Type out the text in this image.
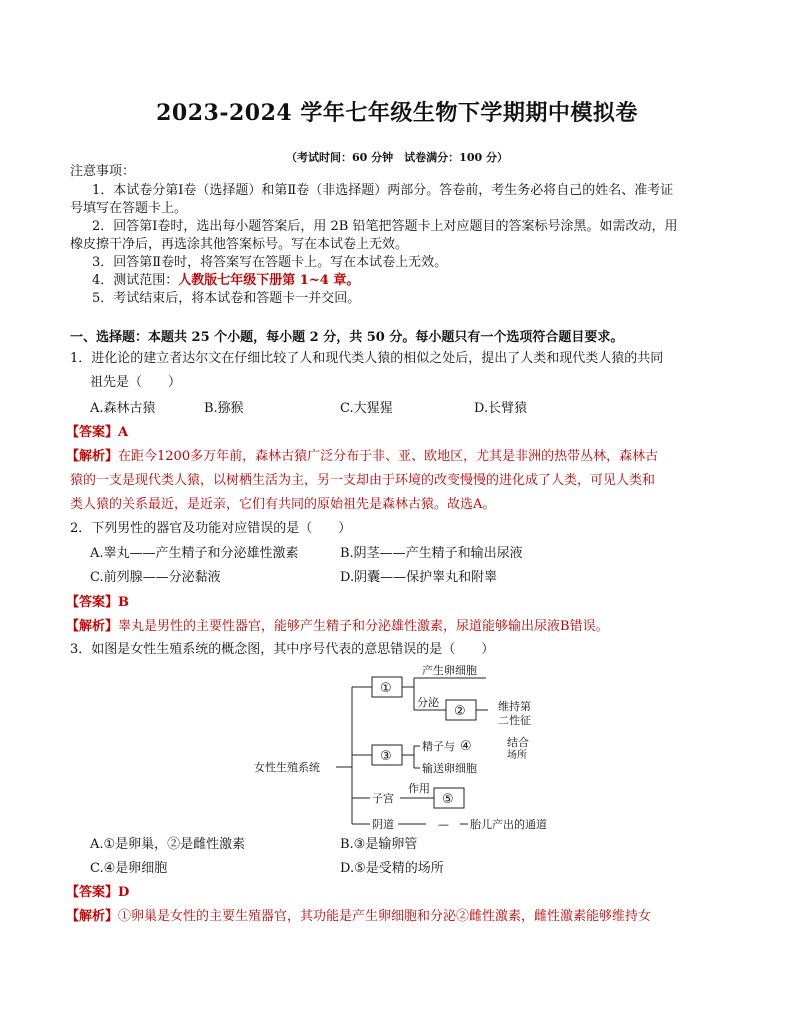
2023-2024 学年七年级生物下学期期中模拟卷
（考试时间：60 分钟　试卷满分：100 分）
注意事项：
1．本试卷分第Ⅰ卷（选择题）和第Ⅱ卷（非选择题）两部分。答卷前，考生务必将自己的姓名、准考证
号填写在答题卡上。
2．回答第Ⅰ卷时，选出每小题答案后，用 2B 铅笔把答题卡上对应题目的答案标号涂黑。如需改动，用
橡皮擦干净后，再选涂其他答案标号。写在本试卷上无效。
3．回答第Ⅱ卷时，将答案写在答题卡上。写在本试卷上无效。
4．测试范围：人教版七年级下册第 1~4 章。
5．考试结束后，将本试卷和答题卡一并交回。
一、选择题：本题共 25 个小题，每小题 2 分，共 50 分。每小题只有一个选项符合题目要求。
1．进化论的建立者达尔文在仔细比较了人和现代类人猿的相似之处后，提出了人类和现代类人猿的共同
祖先是（　　）
A.森林古猿	B.猕猴	C.大猩猩	D.长臂猿
【答案】A
【解析】在距今1200多万年前，森林古猿广泛分布于非、亚、欧地区，尤其是非洲的热带丛林，森林古
猿的一支是现代类人猿，以树栖生活为主，另一支却由于环境的改变慢慢的进化成了人类，可见人类和
类人猿的关系最近，是近亲，它们有共同的原始祖先是森林古猿。故选A。
2．下列男性的器官及功能对应错误的是（　　）
A.睾丸——产生精子和分泌雄性激素	B.阴茎——产生精子和输出尿液
C.前列腺——分泌黏液	D.阴囊——保护睾丸和附睾
【答案】B
【解析】睾丸是男性的主要性器官，能够产生精子和分泌雄性激素，尿道能够输出尿液B错误。
3．如图是女性生殖系统的概念图，其中序号代表的意思错误的是（　　）
女性生殖系统
①
产生卵细胞
分泌
②	维持第
二性征
③
精子与 ④	结合
场所
输送卵细胞
子宫
作用
⑤
阴道	— 胎儿产出的通道
A.①是卵巢，②是雌性激素	B.③是输卵管
C.④是卵细胞	D.⑤是受精的场所
【答案】D
【解析】①卵巢是女性的主要生殖器官，其功能是产生卵细胞和分泌②雌性激素，雌性激素能够维持女
